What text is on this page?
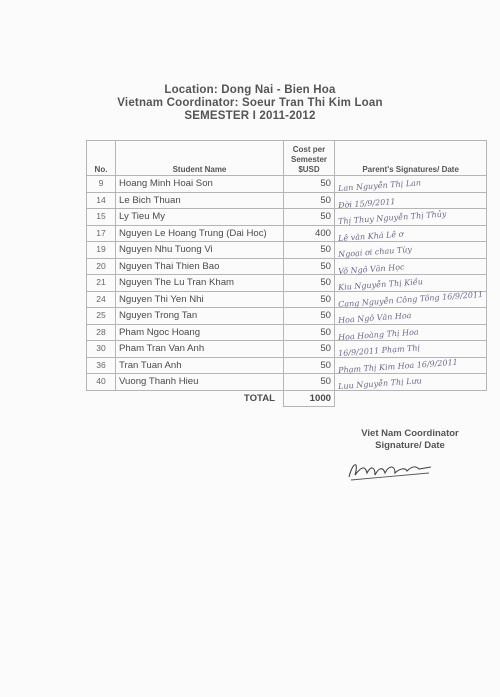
Location: Dong Nai - Bien Hoa
Vietnam Coordinator: Soeur Tran Thi Kim Loan
SEMESTER I 2011-2012
No.	Student Name	Cost per Semester $USD	Parent's Signatures/ Date
9	Hoang Minh Hoai Son	50	Lan Nguyễn Thị Lan

14	Le Bich Thuan	50	Đời 15/9/2011

15	Ly Tieu My	50	Thị Thuy Nguyễn Thị Thủy

17	Nguyen Le Hoang Trung (Dai Hoc)	400	Lê văn Khá Lê ơ

19	Nguyen Nhu Tuong Vi	50	Ngoại ơi chau Tùy

20	Nguyen Thai Thien Bao	50	Võ Ngô Văn Học

21	Nguyen The Lu Tran Kham	50	Kiu Nguyễn Thị Kiều

24	Nguyen Thi Yen Nhi	50	Cang Nguyễn Công Tông 16/9/2011

25	Nguyen Trong Tan	50	Hoa Ngô Văn Hoa

28	Pham Ngoc Hoang	50	Hoa Hoàng Thị Hoa

30	Pham Tran Van Anh	50	16/9/2011 Phạm Thị

36	Tran Tuan Anh	50	Phạm Thị Kim Hoa 16/9/2011

40	Vuong Thanh Hieu	50	Luu Nguyễn Thị Lưu

	TOTAL	1000	
Viet Nam Coordinator
Signature/ Date
